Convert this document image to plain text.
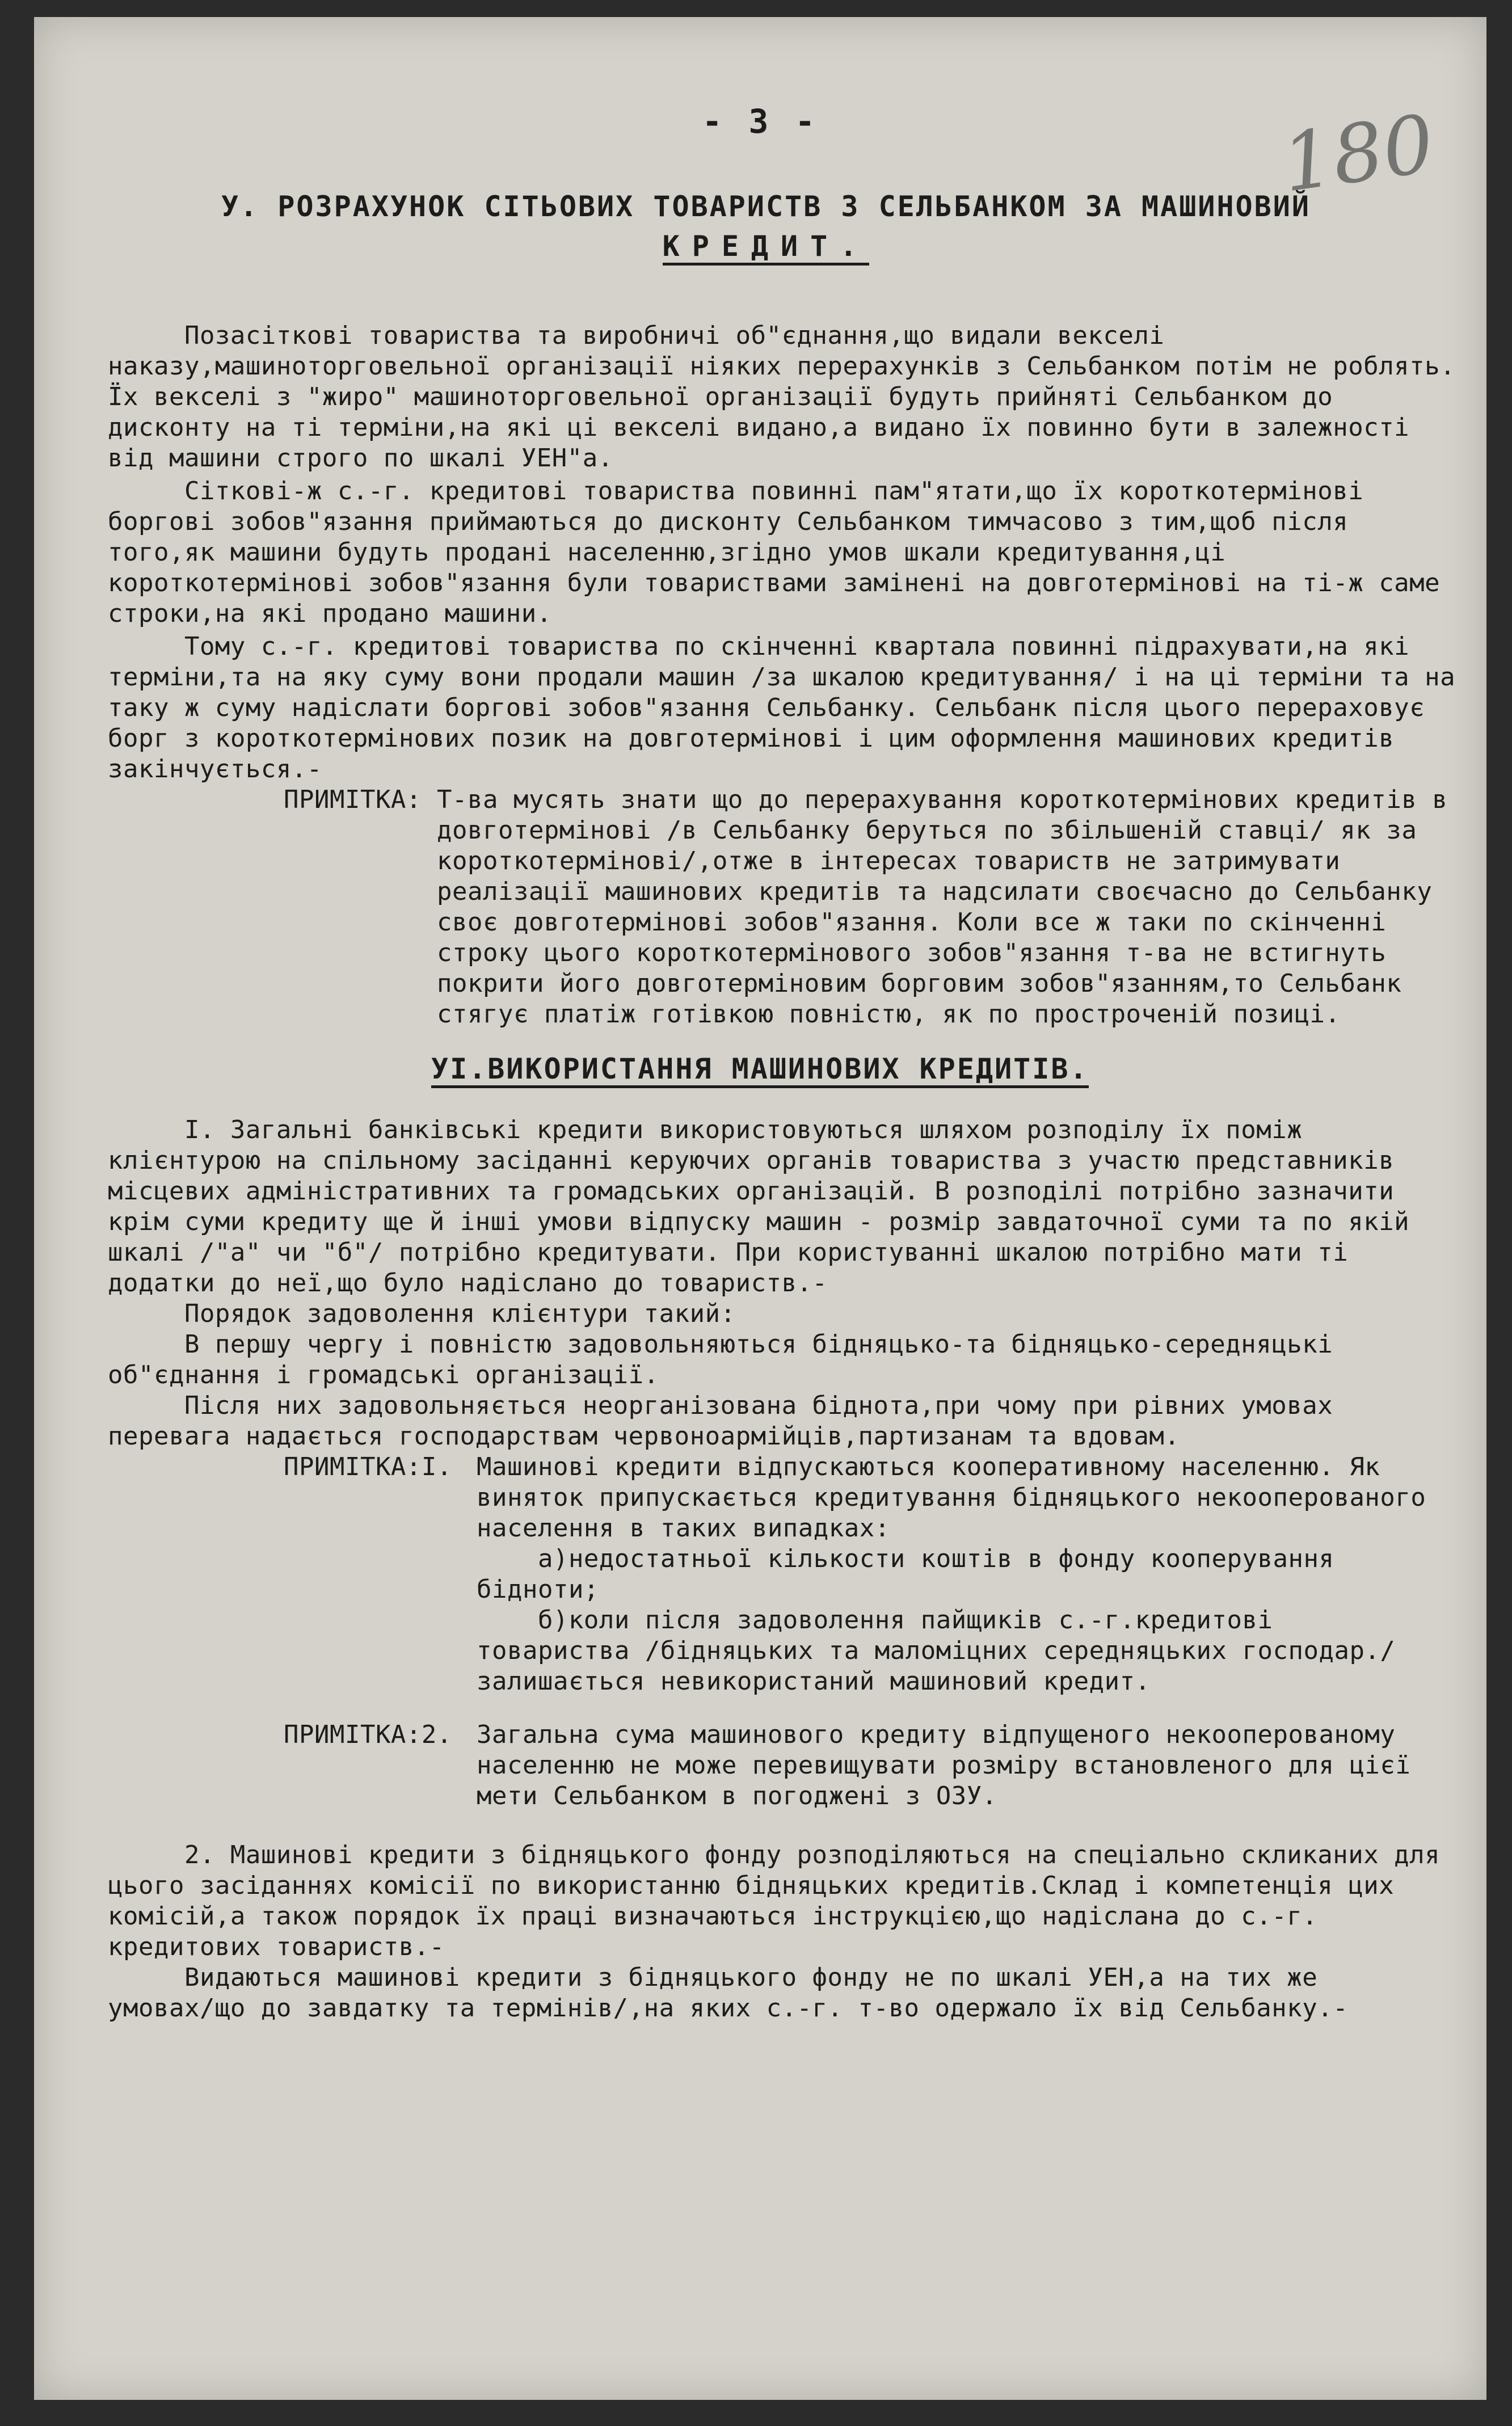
- 3 -	180
У. РОЗРАХУНОК СІТЬОВИХ ТОВАРИСТВ З СЕЛЬБАНКОМ ЗА МАШИНОВИЙ
КРЕДИТ.
УІ.ВИКОРИСТАННЯ МАШИНОВИХ КРЕДИТІВ.
Позасіткові товариства та виробничі об"єднання,що видали векселі
наказу,машиноторговельної організації ніяких перерахунків з Сельбанком потім не роблять.
Їх векселі з "жиро" машиноторговельної організації будуть прийняті Сельбанком до
дисконту на ті терміни,на які ці векселі видано,а видано їх повинно бути в залежності
від машини строго по шкалі УЕН"а.
Сіткові-ж с.-г. кредитові товариства повинні пам"ятати,що їх короткотермінові
боргові зобов"язання приймаються до дисконту Сельбанком тимчасово з тим,щоб після
того,як машини будуть продані населенню,згідно умов шкали кредитування,ці
короткотермінові зобов"язання були товариствами замінені на довготермінові на ті-ж саме
строки,на які продано машини.
Тому с.-г. кредитові товариства по скінченні квартала повинні підрахувати,на які
терміни,та на яку суму вони продали машин /за шкалою кредитування/ і на ці терміни та на
таку ж суму надіслати боргові зобов"язання Сельбанку. Сельбанк після цього перераховує
борг з короткотермінових позик на довготермінові і цим оформлення машинових кредитів
закінчується.-
ПРИМІТКА: Т-ва мусять знати що до перерахування короткотермінових кредитів в
довготермінові /в Сельбанку беруться по збільшеній ставці/ як за
короткотермінові/,отже в інтересах товариств не затримувати
реалізації машинових кредитів та надсилати своєчасно до Сельбанку
своє довготермінові зобов"язання. Коли все ж таки по скінченні
строку цього короткотермінового зобов"язання т-ва не встигнуть
покрити його довготерміновим борговим зобов"язанням,то Сельбанк
стягує платіж готівкою повністю, як по простроченій позиці.
І. Загальні банківські кредити використовуються шляхом розподілу їх поміж
клієнтурою на спільному засіданні керуючих органів товариства з участю представників
місцевих адміністративних та громадських організацій. В розподілі потрібно зазначити
крім суми кредиту ще й інші умови відпуску машин - розмір завдаточної суми та по якій
шкалі /"а" чи "б"/ потрібно кредитувати. При користуванні шкалою потрібно мати ті
додатки до неї,що було надіслано до товариств.-
Порядок задоволення клієнтури такий:
В першу чергу і повністю задовольняються бідняцько-та бідняцько-середняцькі
об"єднання і громадські організації.
Після них задовольняється неорганізована біднота,при чому при рівних умовах
перевага надається господарствам червоноармійців,партизанам та вдовам.
ПРИМІТКА:І. Машинові кредити відпускаються кооперативному населенню. Як
виняток припускається кредитування бідняцького некооперованого
населення в таких випадках:
а)недостатньої кількости коштів в фонду кооперування
бідноти;
б)коли після задоволення пайщиків с.-г.кредитові
товариства /бідняцьких та маломіцних середняцьких господар./
залишається невикористаний машиновий кредит.
ПРИМІТКА:2. Загальна сума машинового кредиту відпущеного некооперованому
населенню не може перевищувати розміру встановленого для цієї
мети Сельбанком в погоджені з ОЗУ.
2. Машинові кредити з бідняцького фонду розподіляються на спеціально скликаних для
цього засіданнях комісії по використанню бідняцьких кредитів.Склад і компетенція цих
комісій,а також порядок їх праці визначаються інструкцією,що надіслана до с.-г.
кредитових товариств.-
Видаються машинові кредити з бідняцького фонду не по шкалі УЕН,а на тих же
умовах/що до завдатку та термінів/,на яких с.-г. т-во одержало їх від Сельбанку.-
